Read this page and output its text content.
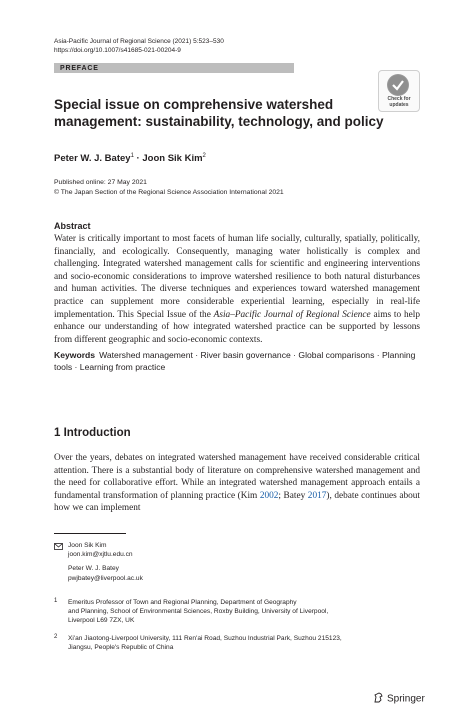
Asia-Pacific Journal of Regional Science (2021) 5:523–530
https://doi.org/10.1007/s41685-021-00204-9
PREFACE
Check for
updates
Special issue on comprehensive watershed management: sustainability, technology, and policy
Peter W. J. Batey$^1$ · Joon Sik Kim$^2$
Published online: 27 May 2021
© The Japan Section of the Regional Science Association International 2021
Abstract
Water is critically important to most facets of human life socially, culturally, spatially, politically, financially, and ecologically. Consequently, managing water holistically is complex and challenging. Integrated watershed management calls for scientific and engineering interventions and socio-economic considerations to improve watershed resilience to both natural disturbances and human activities. The diverse techniques and experiences toward watershed management practice can supplement more considerable experiential learning, especially in real-life implementation. This Special Issue of the Asia–Pacific Journal of Regional Science aims to help enhance our understanding of how integrated watershed practice can be supported by lessons from different geographic and socio-economic contexts.
Keywords Watershed management · River basin governance · Global comparisons · Planning tools · Learning from practice
1 Introduction
Over the years, debates on integrated watershed management have received considerable critical attention. There is a substantial body of literature on comprehensive watershed management and the need for collaborative effort. While an integrated watershed management approach entails a fundamental transformation of planning practice (Kim 2002; Batey 2017), debate continues about how we can implement
Joon Sik Kim
joon.kim@xjtlu.edu.cn
Peter W. J. Batey
pwjbatey@liverpool.ac.uk
1 Emeritus Professor of Town and Regional Planning, Department of Geography
and Planning, School of Environmental Sciences, Roxby Building, University of Liverpool,
Liverpool L69 7ZX, UK
2 Xi'an Jiaotong-Liverpool University, 111 Ren'ai Road, Suzhou Industrial Park, Suzhou 215123,
Jiangsu, People's Republic of China
Springer
